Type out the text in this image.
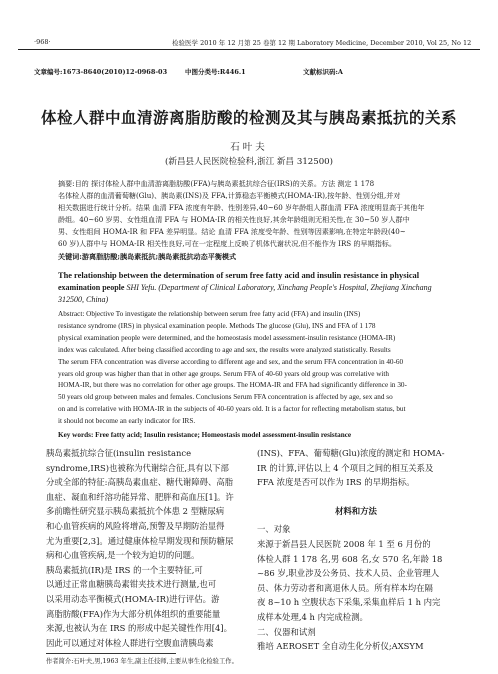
·968·	检验医学 2010 年 12 月第 25 卷第 12 期 Laboratory Medicine, December 2010, Vol 25, No 12
文章编号:1673-8640(2010)12-0968-03	中图分类号:R446.1	文献标识码:A
体检人群中血清游离脂肪酸的检测及其与胰岛素抵抗的关系
石叶夫
(新昌县人民医院检验科,浙江 新昌 312500)
摘要:目的 探讨体检人群中血清游离脂肪酸(FFA)与胰岛素抵抗综合征(IRS)的关系。方法 测定 1 178
名体检人群的血清葡萄糖(Glu)、胰岛素(INS)及 FFA,计算稳态平衡模式(HOMA-IR),按年龄、性别分组,并对
相关数据进行统计分析。结果 血清 FFA 浓度有年龄、性别差异,40~60 岁年龄组人群血清 FFA 浓度明显高于其他年
龄组。40~60 岁男、女性组血清 FFA 与 HOMA-IR 的相关性良好,其余年龄组则无相关性,在 30~50 岁人群中
男、女性组间 HOMA-IR 和 FFA 差异明显。结论 血清 FFA 浓度受年龄、性别等因素影响,在特定年龄段(40~
60 岁)人群中与 HOMA-IR 相关性良好,可在一定程度上反映了机体代谢状况,但不能作为 IRS 的早期指标。
关键词:游离脂肪酸;胰岛素抵抗;胰岛素抵抗动态平衡模式
The relationship between the determination of serum free fatty acid and insulin resistance in physical
examination people SHI Yefu. (Department of Clinical Laboratory, Xinchang People's Hospital, Zhejiang Xinchang
312500, China)
Abstract: Objective To investigate the relationship between serum free fatty acid (FFA) and insulin (INS)
resistance syndrome (IRS) in physical examination people. Methods The glucose (Glu), INS and FFA of 1 178
physical examination people were determined, and the homeostasis model assessment-insulin resistance (HOMA-IR)
index was calculated. After being classified according to age and sex, the results were analyzed statistically. Results
The serum FFA concentration was diverse according to different age and sex, and the serum FFA concentration in 40-60
years old group was higher than that in other age groups. Serum FFA of 40-60 years old group was correlative with
HOMA-IR, but there was no correlation for other age groups. The HOMA-IR and FFA had significantly difference in 30-
50 years old group between males and females. Conclusions Serum FFA concentration is affected by age, sex and so
on and is correlative with HOMA-IR in the subjects of 40-60 years old. It is a factor for reflecting metabolism status, but
it should not become an early indicator for IRS.
Key words: Free fatty acid; Insulin resistance; Homeostasis model assessment-insulin resistance
胰岛素抵抗综合征(insulin resistance
syndrome,IRS)也被称为代谢综合征,具有以下部
分或全部的特征:高胰岛素血症、糖代谢障碍、高脂
血症、凝血和纤溶功能异常、肥胖和高血压[1]。许
多前瞻性研究显示胰岛素抵抗个体患 2 型糖尿病
和心血管疾病的风险将增高,预警及早期防治显得
尤为重要[2,3]。通过健康体检早期发现和预防糖尿
病和心血管疾病,是一个较为迫切的问题。
胰岛素抵抗(IR)是 IRS 的一个主要特征,可
以通过正常血糖胰岛素钳夹技术进行测量,也可
以采用动态平衡模式(HOMA-IR)进行评估。游
离脂肪酸(FFA)作为大部分机体组织的重要能量
来源,也被认为在 IRS 的形成中起关键性作用[4]。
因此可以通过对体检人群进行空腹血清胰岛素
(INS)、FFA、葡萄糖(Glu)浓度的测定和 HOMA-
IR 的计算,评估以上 4 个项目之间的相互关系及
FFA 浓度是否可以作为 IRS 的早期指标。
材料和方法
一、对象
来源于新昌县人民医院 2008 年 1 至 6 月份的
体检人群 1 178 名,男 608 名,女 570 名,年龄 18
~86 岁,职业涉及公务员、技术人员、企业管理人
员、体力劳动者和离退休人员。所有样本均在隔
夜 8~10 h 空腹状态下采集,采集血样后 1 h 内完
成样本处理,4 h 内完成检测。
二、仪器和试剂
雅培 AEROSET 全自动生化分析仪;AXSYM
作者简介:石叶夫,男,1963 年生,副主任技师,主要从事生化检验工作。
